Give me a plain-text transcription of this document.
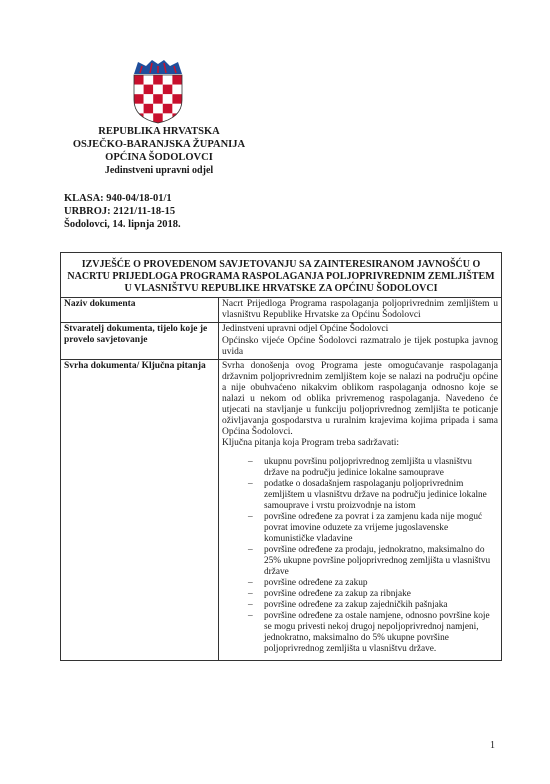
REPUBLIKA HRVATSKA
OSJEČKO-BARANJSKA ŽUPANIJA
OPĆINA ŠODOLOVCI
Jedinstveni upravni odjel
KLASA: 940-04/18-01/1
URBROJ: 2121/11-18-15
Šodolovci, 14. lipnja 2018.
IZVJEŠĆE O PROVEDENOM SAVJETOVANJU SA ZAINTERESIRANOM JAVNOŠĆU O NACRTU PRIJEDLOGA PROGRAMA RASPOLAGANJA POLJOPRIVREDNIM ZEMLJIŠTEM U VLASNIŠTVU REPUBLIKE HRVATSKE ZA OPĆINU ŠODOLOVCI
Naziv dokumenta	Nacrt Prijedloga Programa raspolaganja poljoprivrednim zemljištem u vlasništvu Republike Hrvatske za Općinu Šodolovci

Stvaratelj dokumenta, tijelo koje je provelo savjetovanje

Jedinstveni upravni odjel Općine Šodolovci

Općinsko vijeće Općine Šodolovci razmatralo je tijek postupka javnog uvida

Svrha dokumenta/ Ključna pitanja	Svrha donošenja ovog Programa jeste omogućavanje raspolaganja državnim poljoprivrednim zemljištem koje se nalazi na području općine a nije obuhvaćeno nikakvim oblikom raspolaganja odnosno koje se nalazi u nekom od oblika privremenog raspolaganja. Navedeno će utjecati na stavljanje u funkciju poljoprivrednog zemljišta te poticanje oživljavanja gospodarstva u ruralnim krajevima kojima pripada i sama Općina Šodolovci.

Ključna pitanja koja Program treba sadržavati:

– ukupnu površinu poljoprivrednog zemljišta u vlasništvu države na području jedinice lokalne samouprave
– podatke o dosadašnjem raspolaganju poljoprivrednim zemljištem u vlasništvu države na području jedinice lokalne samouprave i vrstu proizvodnje na istom
– površine određene za povrat i za zamjenu kada nije moguć povrat imovine oduzete za vrijeme jugoslavenske komunističke vladavine
– površine određene za prodaju, jednokratno, maksimalno do 25% ukupne površine poljoprivrednog zemljišta u vlasništvu države
– površine određene za zakup
– površine određene za zakup za ribnjake
– površine određene za zakup zajedničkih pašnjaka
– površine određene za ostale namjene, odnosno površine koje se mogu privesti nekoj drugoj nepoljoprivrednoj namjeni, jednokratno, maksimalno do 5% ukupne površine poljoprivrednog zemljišta u vlasništvu države.
1
